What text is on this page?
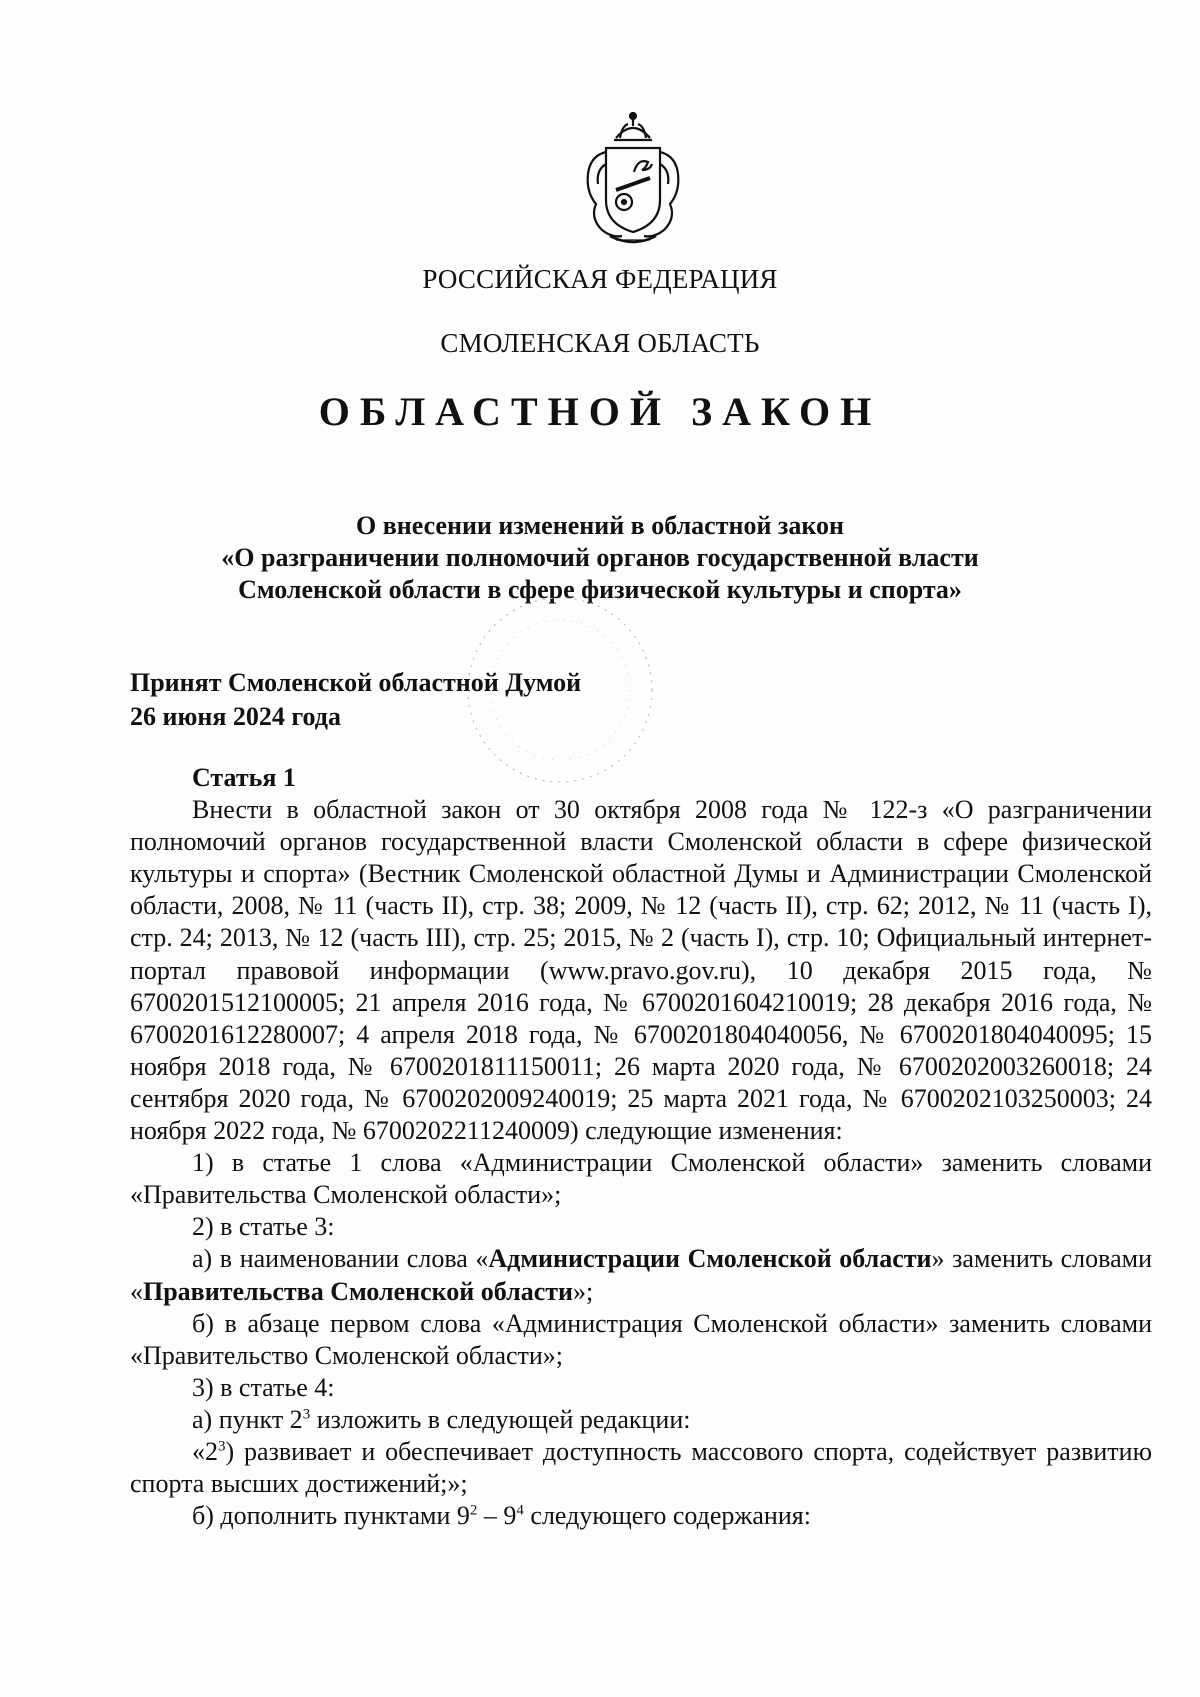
РОССИЙСКАЯ ФЕДЕРАЦИЯ
СМОЛЕНСКАЯ ОБЛАСТЬ
ОБЛАСТНОЙ ЗАКОН
О внесении изменений в областной закон
«О разграничении полномочий органов государственной власти
Смоленской области в сфере физической культуры и спорта»
Принят Смоленской областной Думой
26 июня 2024 года

Статья 1

Внести в областной закон от 30 октября 2008 года № 122-з «О разграничении полномочий органов государственной власти Смоленской области в сфере физической культуры и спорта» (Вестник Смоленской областной Думы и Администрации Смоленской области, 2008, № 11 (часть II), стр. 38; 2009, № 12 (часть II), стр. 62; 2012, № 11 (часть I), стр. 24; 2013, № 12 (часть III), стр. 25; 2015, № 2 (часть I), стр. 10; Официальный интернет-портал правовой информации (www.pravo.gov.ru), 10 декабря 2015 года, № 6700201512100005; 21 апреля 2016 года, № 6700201604210019; 28 декабря 2016 года, № 6700201612280007; 4 апреля 2018 года, № 6700201804040056, № 6700201804040095; 15 ноября 2018 года, № 6700201811150011; 26 марта 2020 года, № 6700202003260018; 24 сентября 2020 года, № 6700202009240019; 25 марта 2021 года, № 6700202103250003; 24 ноября 2022 года, № 6700202211240009) следующие изменения:

1) в статье 1 слова «Администрации Смоленской области» заменить словами «Правительства Смоленской области»;

2) в статье 3:

а) в наименовании слова «Администрации Смоленской области» заменить словами «Правительства Смоленской области»;

б) в абзаце первом слова «Администрация Смоленской области» заменить словами «Правительство Смоленской области»;

3) в статье 4:

а) пункт $2^3$ изложить в следующей редакции:

«$2^3$) развивает и обеспечивает доступность массового спорта, содействует развитию спорта высших достижений;»;

б) дополнить пунктами $9^2 - 9^4$ следующего содержания:
